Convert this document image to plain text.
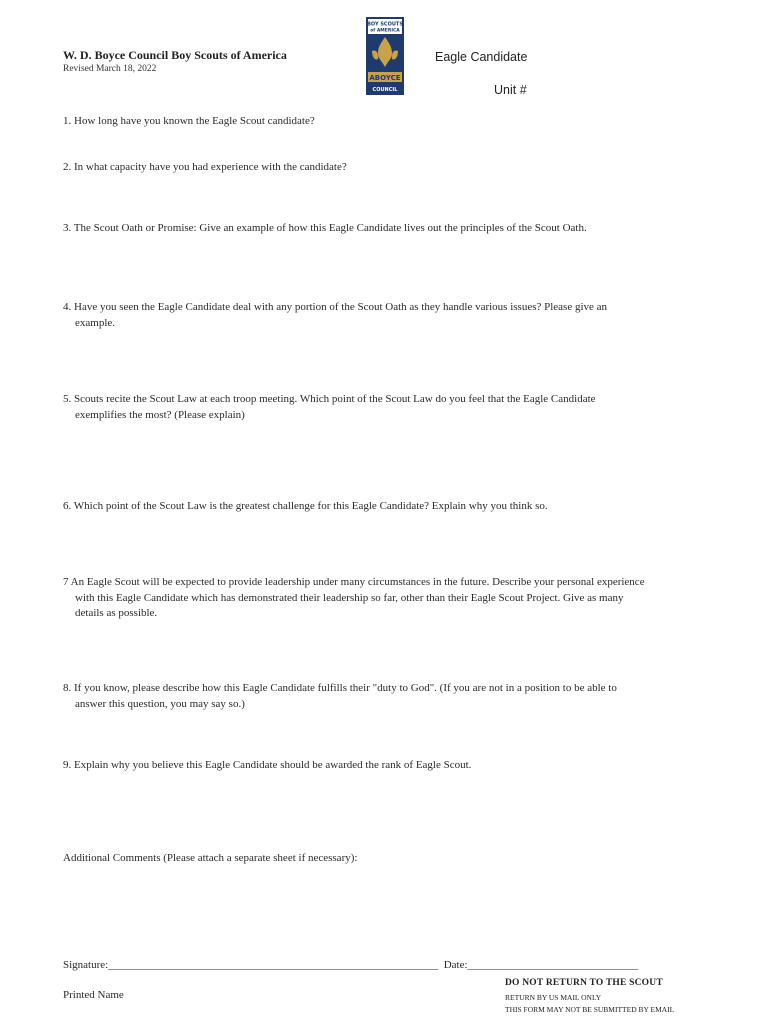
W. D. Boyce Council Boy Scouts of America
Revised March 18, 2022
BOY SCOUTS
of AMERICA
ABOYCE
COUNCIL
Eagle Candidate
Unit #
1. How long have you known the Eagle Scout candidate?
2. In what capacity have you had experience with the candidate?
3. The Scout Oath or Promise: Give an example of how this Eagle Candidate lives out the principles of the Scout Oath.
4. Have you seen the Eagle Candidate deal with any portion of the Scout Oath as they handle various issues? Please give an
example.
5. Scouts recite the Scout Law at each troop meeting. Which point of the Scout Law do you feel that the Eagle Candidate
exemplifies the most? (Please explain)
6. Which point of the Scout Law is the greatest challenge for this Eagle Candidate? Explain why you think so.
7 An Eagle Scout will be expected to provide leadership under many circumstances in the future. Describe your personal experience
with this Eagle Candidate which has demonstrated their leadership so far, other than their Eagle Scout Project. Give as many
details as possible.
8. If you know, please describe how this Eagle Candidate fulfills their "duty to God". (If you are not in a position to be able to
answer this question, you may say so.)
9. Explain why you believe this Eagle Candidate should be awarded the rank of Eagle Scout.
Additional Comments (Please attach a separate sheet if necessary):
Signature:____________________________________________________________  Date:_______________________________
Printed Name
DO NOT RETURN TO THE SCOUT
RETURN BY US MAIL ONLY
THIS FORM MAY NOT BE SUBMITTED BY EMAIL
